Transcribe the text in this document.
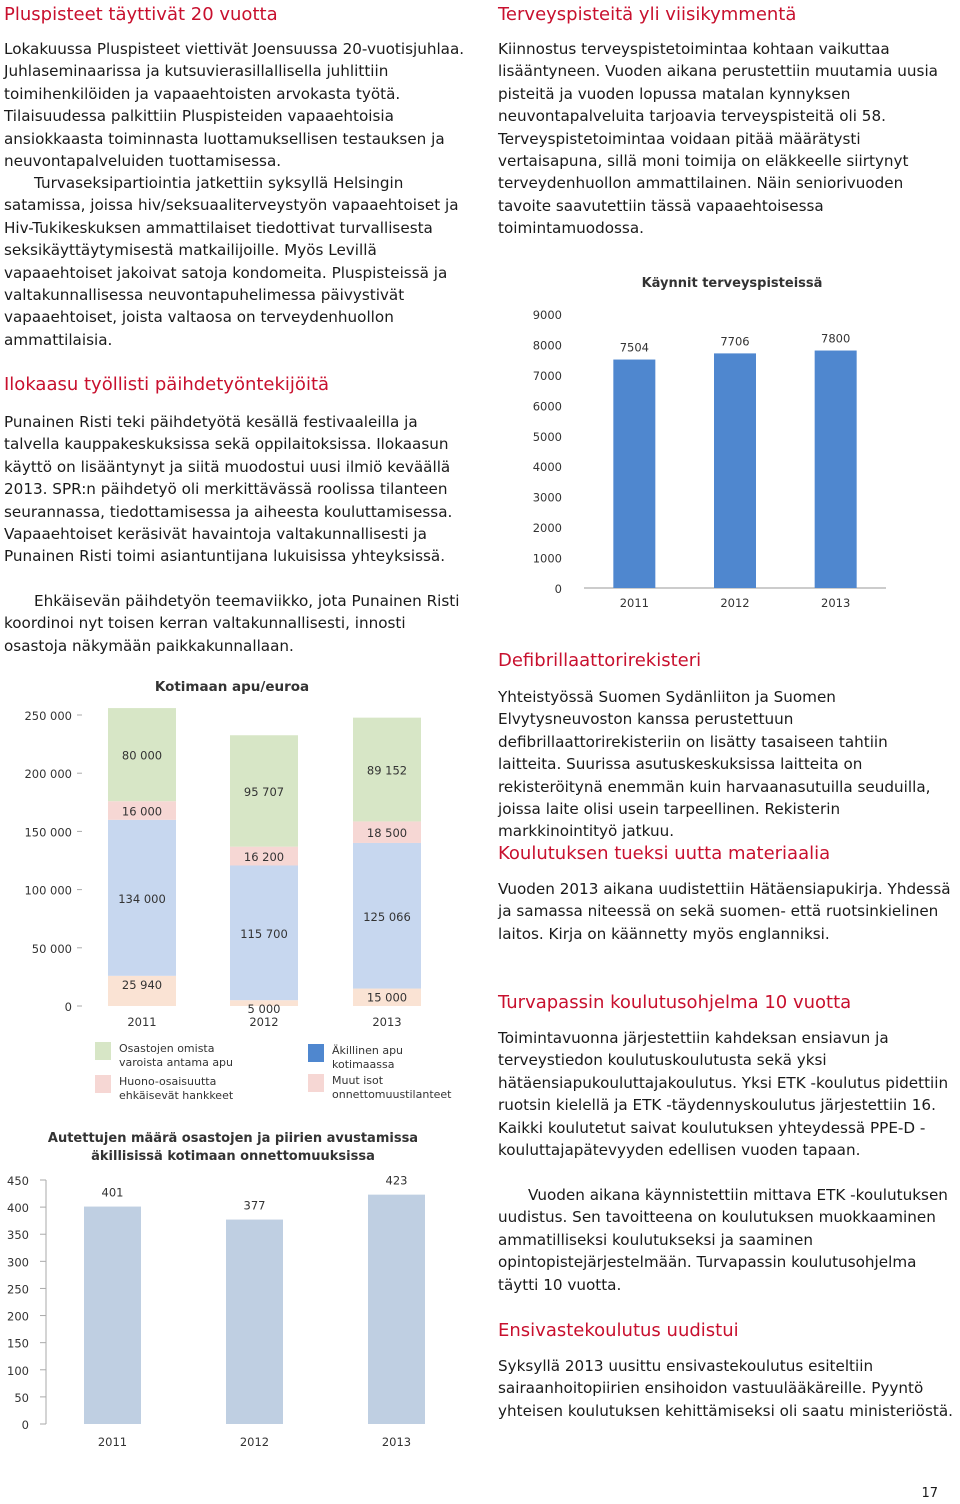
Pluspisteet täyttivät 20 vuotta

Lokakuussa Pluspisteet viettivät Joensuussa 20-vuotisjuhlaa. Juhlaseminaarissa ja kutsuvierasillallisella juhlittiin toimihenkilöiden ja vapaaehtoisten arvokasta työtä. Tilaisuudessa palkittiin Pluspisteiden vapaaehtoisia ansiokkaasta toiminnasta luottamuksellisen testauksen ja neuvontapalveluiden tuottamisessa.

Turvaseksipartiointia jatkettiin syksyllä Helsingin satamissa, joissa hiv/seksuaaliterveystyön vapaaehtoiset ja Hiv-Tukikeskuksen ammattilaiset tiedottivat turvallisesta seksikäyttäytymisestä matkailijoille. Myös Levillä vapaaehtoiset jakoivat satoja kondomeita. Pluspisteissä ja valtakunnallisessa neuvontapuhelimessa päivystivät vapaaehtoiset, joista valtaosa on terveydenhuollon ammattilaisia.

Ilokaasu työllisti päihdetyöntekijöitä

Punainen Risti teki päihdetyötä kesällä festivaaleilla ja talvella kauppakeskuksissa sekä oppilaitoksissa. Ilokaasun käyttö on lisääntynyt ja siitä muodostui uusi ilmiö keväällä 2013. SPR:n päihdetyö oli merkittävässä roolissa tilanteen seurannassa, tiedottamisessa ja aiheesta kouluttamisessa. Vapaaehtoiset keräsivät havaintoja valtakunnallisesti ja Punainen Risti toimi asiantuntijana lukuisissa yhteyksissä.

Ehkäisevän päihdetyön teemaviikko, jota Punainen Risti koordinoi nyt toisen kerran valtakunnallisesti, innosti osastoja näkymään paikkakunnallaan.

Terveyspisteitä yli viisikymmentä

Kiinnostus terveyspistetoimintaa kohtaan vaikuttaa lisääntyneen. Vuoden aikana perustettiin muutamia uusia pisteitä ja vuoden lopussa matalan kynnyksen neuvontapalveluita tarjoavia terveyspisteitä oli 58. Terveyspistetoimintaa voidaan pitää määrätysti vertaisapuna, sillä moni toimija on eläkkeelle siirtynyt terveydenhuollon ammattilainen. Näin seniorivuoden tavoite saavutettiin tässä vapaaehtoisessa toimintamuodossa.

Defibrillaattorirekisteri

Yhteistyössä Suomen Sydänliiton ja Suomen Elvytysneuvoston kanssa perustettuun defibrillaattorirekisteriin on lisätty tasaiseen tahtiin laitteita. Suurissa asutuskeskuksissa laitteita on rekisteröitynä enemmän kuin harvaanasutuilla seuduilla, joissa laite olisi usein tarpeellinen. Rekisterin markkinointityö jatkuu.

Koulutuksen tueksi uutta materiaalia

Vuoden 2013 aikana uudistettiin Hätäensiapukirja. Yhdessä ja samassa niteessä on sekä suomen- että ruotsinkielinen laitos. Kirja on käännetty myös englanniksi.

Turvapassin koulutusohjelma 10 vuotta

Toimintavuonna järjestettiin kahdeksan ensiavun ja terveystiedon koulutuskoulutusta sekä yksi hätäensiapukouluttajakoulutus. Yksi ETK -koulutus pidettiin ruotsin kielellä ja ETK -täydennyskoulutus järjestettiin 16. Kaikki koulutetut saivat koulutuksen yhteydessä PPE-D -kouluttajapätevyyden edellisen vuoden tapaan.

Vuoden aikana käynnistettiin mittava ETK -koulutuksen uudistus. Sen tavoitteena on koulutuksen muokkaaminen ammatilliseksi koulutukseksi ja saaminen opintopistejärjestelmään. Turvapassin koulutusohjelma täytti 10 vuotta.

Ensivastekoulutus uudistui

Syksyllä 2013 uusittu ensivastekoulutus esiteltiin sairaanhoitopiirien ensihoidon vastuulääkäreille. Pyyntö yhteisen koulutuksen kehittämiseksi oli saatu ministeriöstä.

Käynnit terveyspisteissä
0
1000
2000
3000
4000
5000
6000
7000
8000
9000
7504
2011
7706
2012
7800
2013
Kotimaan apu/euroa
0
50 000
100 000
150 000
200 000
250 000
25 940
134 000
16 000
80 000
2011
5 000
115 700
16 200
95 707
2012
15 000
125 066
18 500
89 152
2013
Osastojen omista varoista antama apu
Huono-osaisuutta ehkäisevät hankkeet
Äkillinen apu kotimaassa
Muut isot onnettomuustilanteet
Autettujen määrä osastojen ja piirien avustamissa
äkillisissä kotimaan onnettomuuksissa
0
50
100
150
200
250
300
350
400
450
401
2011
377
2012
423
2013
17
